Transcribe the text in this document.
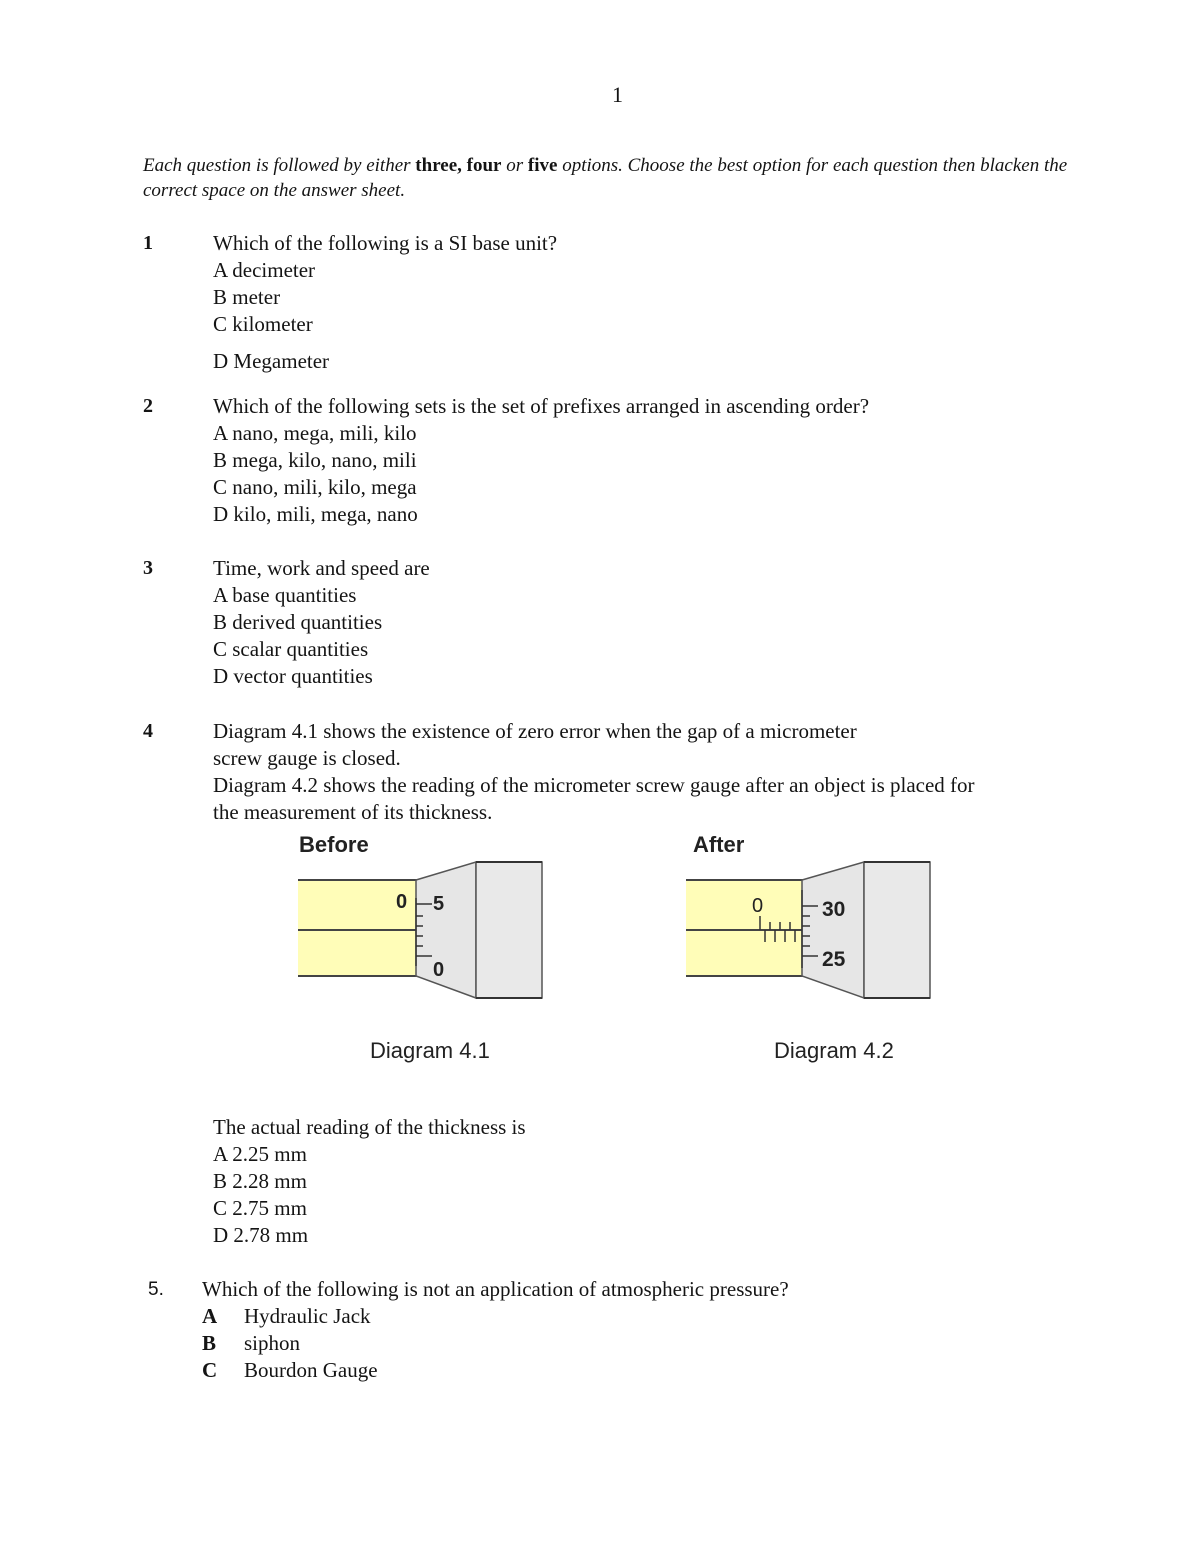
1
Each question is followed by either three, four or five options. Choose the best option for each question then blacken the correct space on the answer sheet.
1	Which of the following is a SI base unit?
A decimeter
B meter
C kilometer
D Megameter
2	Which of the following sets is the set of prefixes arranged in ascending order?
A nano, mega, mili, kilo
B mega, kilo, nano, mili
C nano, mili, kilo, mega
D kilo, mili, mega, nano
3	Time, work and speed are
A base quantities
B derived quantities
C scalar quantities
D vector quantities
4	Diagram 4.1 shows the existence of zero error when the gap of a micrometer
screw gauge is closed.
Diagram 4.2 shows the reading of the micrometer screw gauge after an object is placed for
the measurement of its thickness.
Before
0 5
0
Diagram 4.1
After
0	30
25
Diagram 4.2
The actual reading of the thickness is
A 2.25 mm
B 2.28 mm
C 2.75 mm
D 2.78 mm
5. Which of the following is not an application of atmospheric pressure?
A Hydraulic Jack
B siphon
C Bourdon Gauge
